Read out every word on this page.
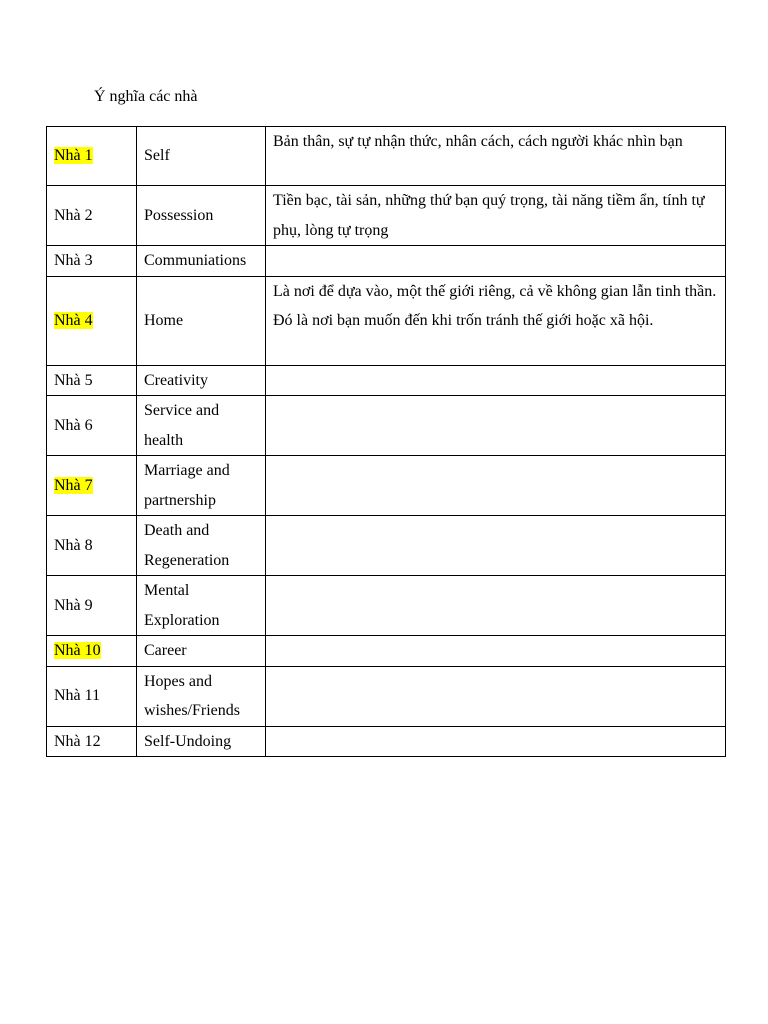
Ý nghĩa các nhà
Nhà 1	Self	Bản thân, sự tự nhận thức, nhân cách, cách người khác nhìn bạn
Nhà 2	Possession	Tiền bạc, tài sản, những thứ bạn quý trọng, tài năng tiềm ẩn, tính tự phụ, lòng tự trọng
Nhà 3	Communiations	
Nhà 4	Home	Là nơi để dựa vào, một thế giới riêng, cả về không gian lẫn tinh thần. Đó là nơi bạn muốn đến khi trốn tránh thế giới hoặc xã hội.
Nhà 5	Creativity	
Nhà 6	Service and health	
Nhà 7	Marriage and partnership	
Nhà 8	Death and Regeneration	
Nhà 9	Mental Exploration	
Nhà 10	Career	
Nhà 11	Hopes and wishes/Friends	
Nhà 12	Self-Undoing	
